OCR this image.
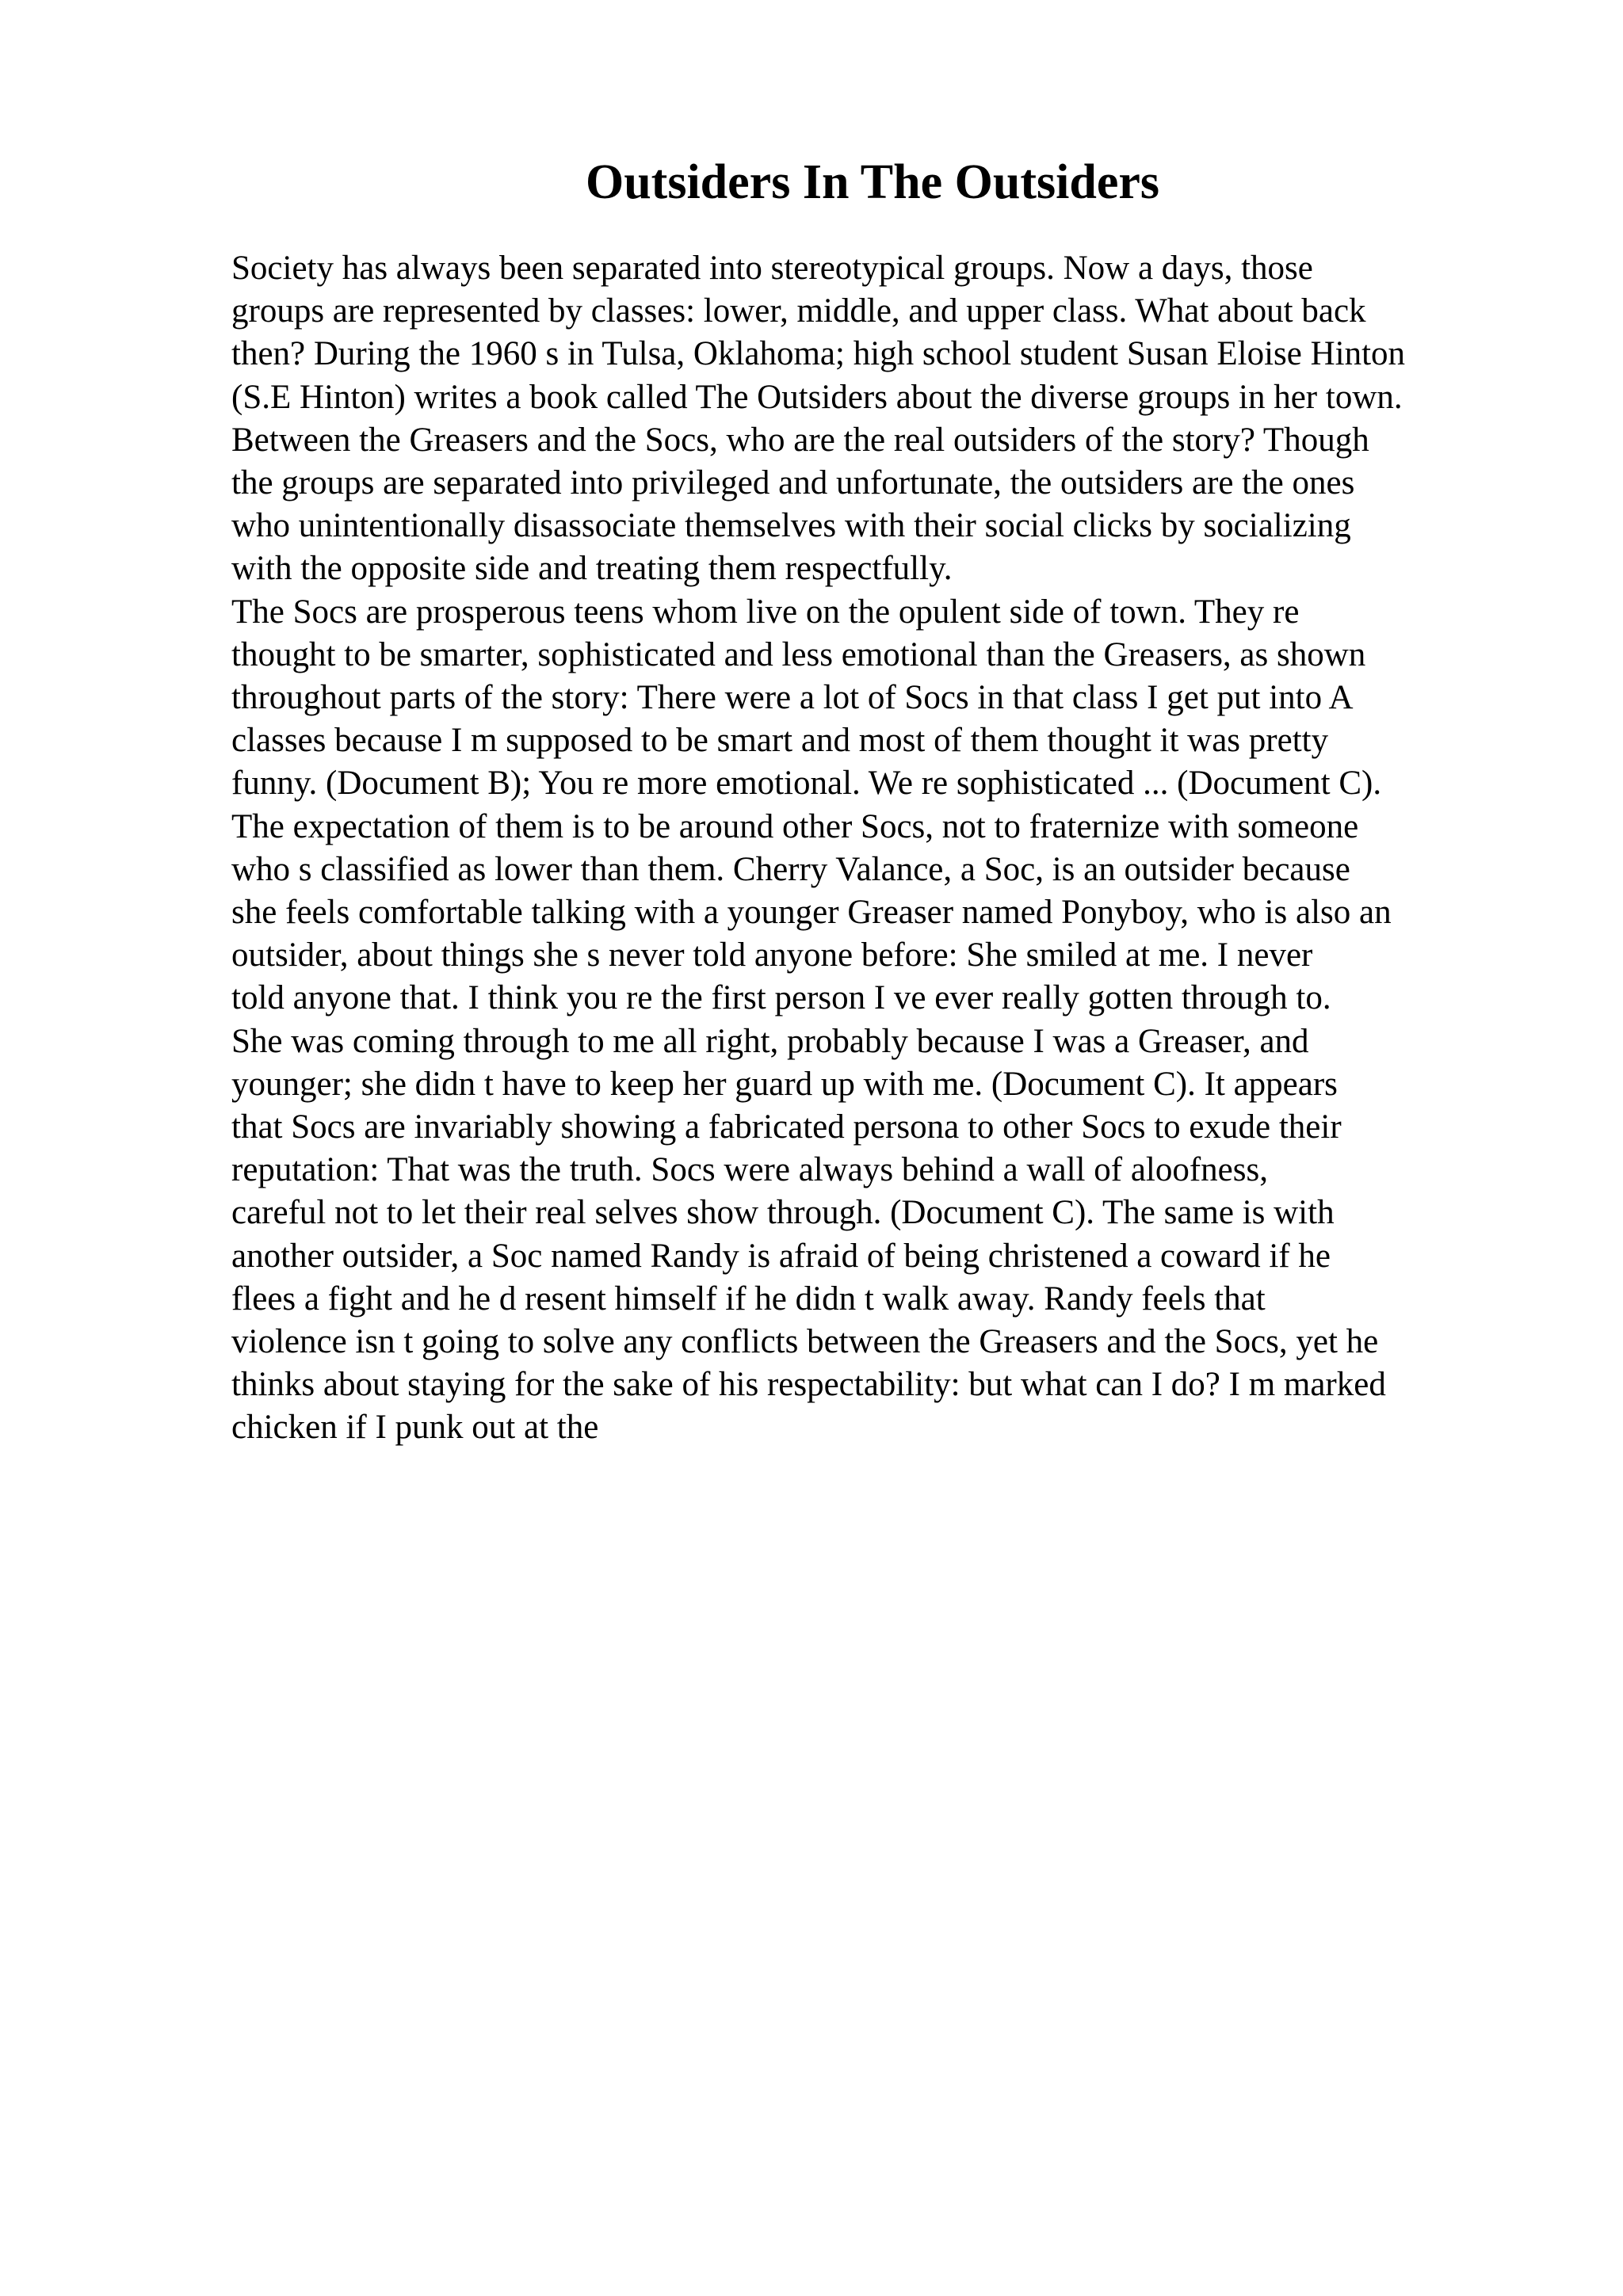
Outsiders In The Outsiders
Society has always been separated into stereotypical groups. Now a days, those
groups are represented by classes: lower, middle, and upper class. What about back
then? During the 1960 s in Tulsa, Oklahoma; high school student Susan Eloise Hinton
(S.E Hinton) writes a book called The Outsiders about the diverse groups in her town.
Between the Greasers and the Socs, who are the real outsiders of the story? Though
the groups are separated into privileged and unfortunate, the outsiders are the ones
who unintentionally disassociate themselves with their social clicks by socializing
with the opposite side and treating them respectfully.
The Socs are prosperous teens whom live on the opulent side of town. They re
thought to be smarter, sophisticated and less emotional than the Greasers, as shown
throughout parts of the story: There were a lot of Socs in that class I get put into A
classes because I m supposed to be smart and most of them thought it was pretty
funny. (Document B); You re more emotional. We re sophisticated ... (Document C).
The expectation of them is to be around other Socs, not to fraternize with someone
who s classified as lower than them. Cherry Valance, a Soc, is an outsider because
she feels comfortable talking with a younger Greaser named Ponyboy, who is also an
outsider, about things she s never told anyone before: She smiled at me. I never
told anyone that. I think you re the first person I ve ever really gotten through to.
She was coming through to me all right, probably because I was a Greaser, and
younger; she didn t have to keep her guard up with me. (Document C). It appears
that Socs are invariably showing a fabricated persona to other Socs to exude their
reputation: That was the truth. Socs were always behind a wall of aloofness,
careful not to let their real selves show through. (Document C). The same is with
another outsider, a Soc named Randy is afraid of being christened a coward if he
flees a fight and he d resent himself if he didn t walk away. Randy feels that
violence isn t going to solve any conflicts between the Greasers and the Socs, yet he
thinks about staying for the sake of his respectability: but what can I do? I m marked
chicken if I punk out at the
